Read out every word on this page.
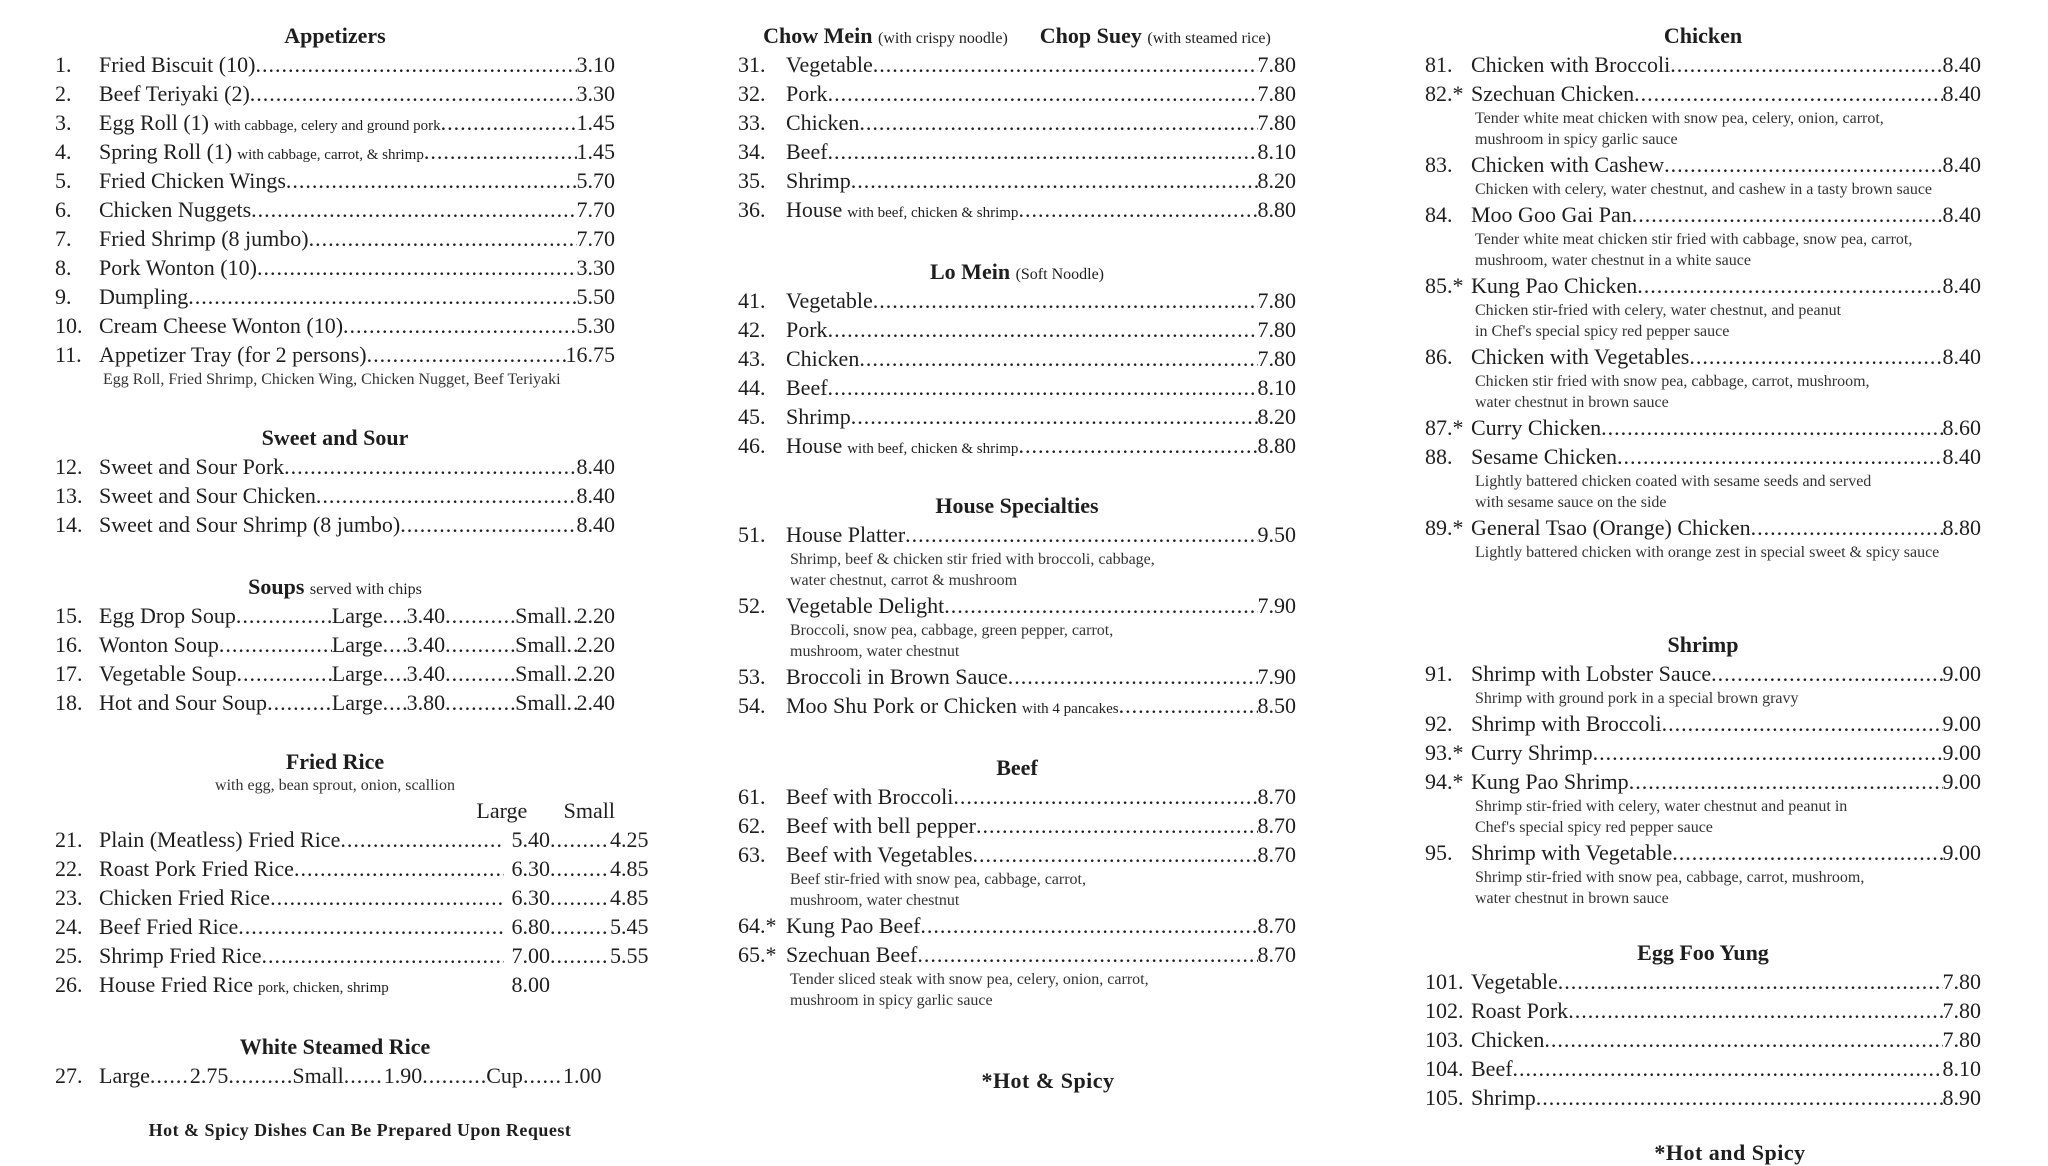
Appetizers
1.	Fried Biscuit (10) .....	3.10
2.	Beef Teriyaki (2) .....	3.30
3.	Egg Roll (1) with cabbage, celery and ground pork .....	1.45
4.	Spring Roll (1) with cabbage, carrot, & shrimp .....	1.45
5.	Fried Chicken Wings .....	5.70
6.	Chicken Nuggets .....	7.70
7.	Fried Shrimp (8 jumbo) .....	7.70
8.	Pork Wonton (10) .....	3.30
9.	Dumpling .....	5.50
10. Cream Cheese Wonton (10) .....	5.30
11. Appetizer Tray (for 2 persons) .....	16.75
Egg Roll, Fried Shrimp, Chicken Wing, Chicken Nugget, Beef Teriyaki
Sweet and Sour
12. Sweet and Sour Pork .....	8.40
13. Sweet and Sour Chicken .....	8.40
14. Sweet and Sour Shrimp (8 jumbo) .....	8.40
Soups served with chips
15. Egg Drop Soup .....	Large ..... 3.40 .....	Small ..... 2.20
16. Wonton Soup .....	Large ..... 3.40 .....	Small ..... 2.20
17. Vegetable Soup .....	Large ..... 3.40 .....	Small ..... 2.20
18. Hot and Sour Soup .....	Large ..... 3.80 .....	Small ..... 2.40
Fried Rice
with egg, bean sprout, onion, scallion
Large	Small
21. Plain (Meatless) Fried Rice .....	5.40 .....	4.25
22. Roast Pork Fried Rice .....	6.30 .....	4.85
23. Chicken Fried Rice .....	6.30 .....	4.85
24. Beef Fried Rice .....	6.80 .....	5.45
25. Shrimp Fried Rice .....	7.00 .....	5.55
26. House Fried Rice pork, chicken, shrimp	8.00
White Steamed Rice
27. Large ..... 2.75 .....	Small ..... 1.90 .....	Cup ..... 1.00
Hot & Spicy Dishes Can Be Prepared Upon Request
Chow Mein (with crispy noodle) Chop Suey (with steamed rice)
31. Vegetable .....	7.80
32. Pork .....	7.80
33. Chicken .....	7.80
34. Beef .....	8.10
35. Shrimp .....	8.20
36. House with beef, chicken & shrimp .....	8.80
Lo Mein (Soft Noodle)
41. Vegetable .....	7.80
42. Pork .....	7.80
43. Chicken .....	7.80
44. Beef .....	8.10
45. Shrimp .....	8.20
46. House with beef, chicken & shrimp .....	8.80
House Specialties
51. House Platter .....	9.50
Shrimp, beef & chicken stir fried with broccoli, cabbage,
water chestnut, carrot & mushroom
52. Vegetable Delight .....	7.90
Broccoli, snow pea, cabbage, green pepper, carrot,
mushroom, water chestnut
53. Broccoli in Brown Sauce .....	7.90
54. Moo Shu Pork or Chicken with 4 pancakes .....	8.50
Beef
61. Beef with Broccoli .....	8.70
62. Beef with bell pepper .....	8.70
63. Beef with Vegetables .....	8.70
Beef stir-fried with snow pea, cabbage, carrot,
mushroom, water chestnut
64.* Kung Pao Beef .....	8.70
65.* Szechuan Beef .....	8.70
Tender sliced steak with snow pea, celery, onion, carrot,
mushroom in spicy garlic sauce
*Hot & Spicy
Chicken
81. Chicken with Broccoli .....	8.40
82.* Szechuan Chicken .....	8.40
Tender white meat chicken with snow pea, celery, onion, carrot,
mushroom in spicy garlic sauce
83. Chicken with Cashew .....	8.40
Chicken with celery, water chestnut, and cashew in a tasty brown sauce
84. Moo Goo Gai Pan .....	8.40
Tender white meat chicken stir fried with cabbage, snow pea, carrot,
mushroom, water chestnut in a white sauce
85.* Kung Pao Chicken .....	8.40
Chicken stir-fried with celery, water chestnut, and peanut
in Chef's special spicy red pepper sauce
86. Chicken with Vegetables .....	8.40
Chicken stir fried with snow pea, cabbage, carrot, mushroom,
water chestnut in brown sauce
87.* Curry Chicken .....	8.60
88. Sesame Chicken .....	8.40
Lightly battered chicken coated with sesame seeds and served
with sesame sauce on the side
89.* General Tsao (Orange) Chicken .....	8.80
Lightly battered chicken with orange zest in special sweet & spicy sauce
Shrimp
91. Shrimp with Lobster Sauce .....	9.00
Shrimp with ground pork in a special brown gravy
92. Shrimp with Broccoli .....	9.00
93.* Curry Shrimp .....	9.00
94.* Kung Pao Shrimp .....	9.00
Shrimp stir-fried with celery, water chestnut and peanut in
Chef's special spicy red pepper sauce
95. Shrimp with Vegetable .....	9.00
Shrimp stir-fried with snow pea, cabbage, carrot, mushroom,
water chestnut in brown sauce
Egg Foo Yung
101. Vegetable .....	7.80
102. Roast Pork .....	7.80
103. Chicken .....	7.80
104. Beef .....	8.10
105. Shrimp .....	8.90
*Hot and Spicy
